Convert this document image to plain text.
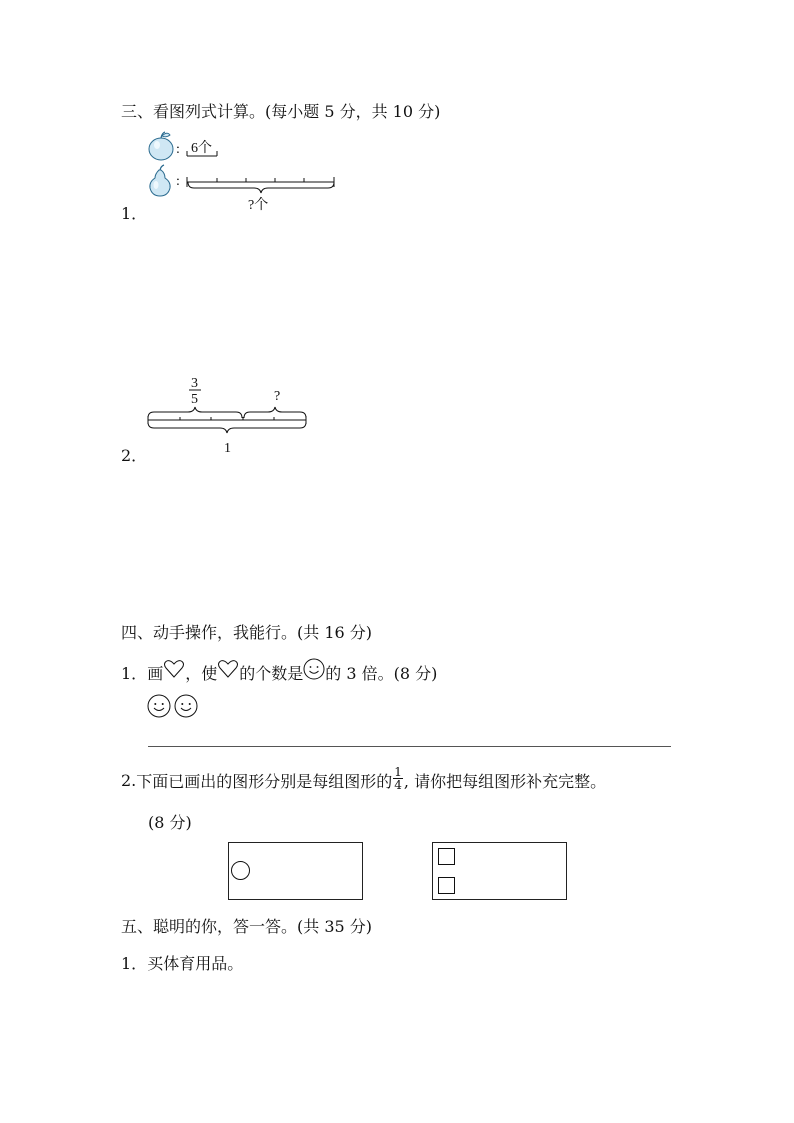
三、看图列式计算。(每小题 5 分，共 10 分)
: 6个
:
?个
1．
3
5	?
1
2．
四、动手操作，我能行。(共 16 分)
1． 画 ，使 的个数是 的 3 倍。(8 分)
2. 下面已画出的图形分别是每组图形的 $\frac{1}{4}$ , 请你把每组图形补充完整。
(8 分)
五、聪明的你，答一答。(共 35 分)
1．买体育用品。
